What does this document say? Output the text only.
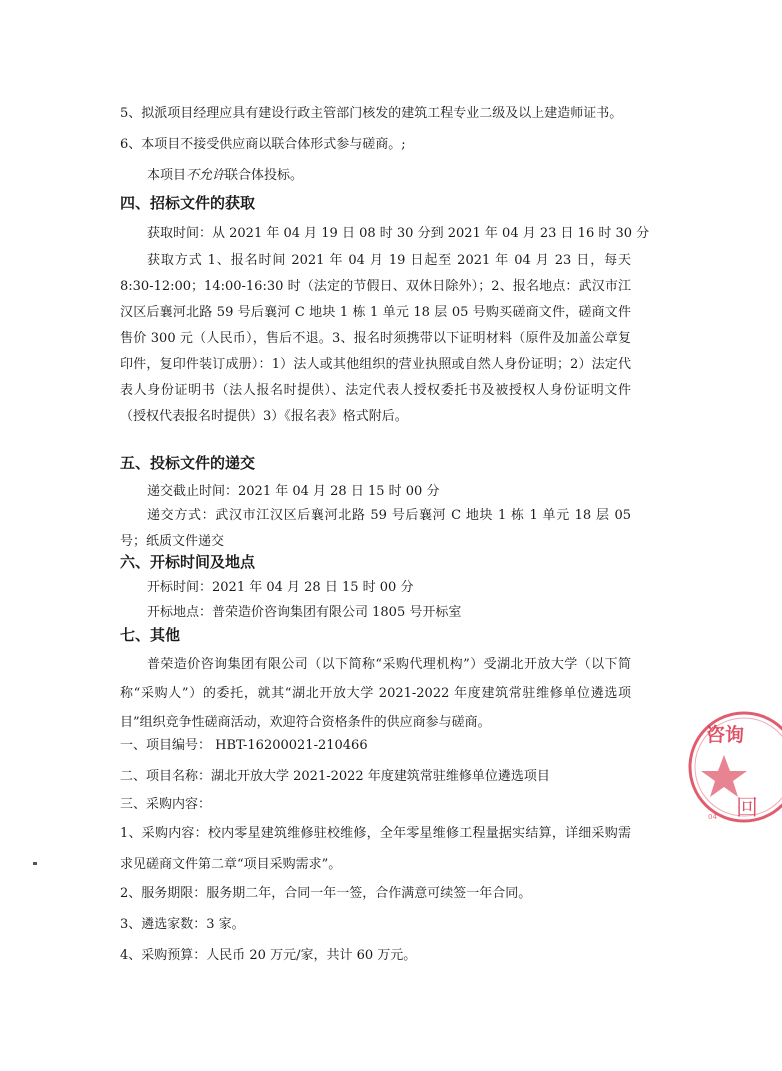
5、拟派项目经理应具有建设行政主管部门核发的建筑工程专业二级及以上建造师证书。
6、本项目不接受供应商以联合体形式参与磋商。;
本项目不允许联合体投标。
四、招标文件的获取
获取时间：从 2021 年 04 月 19 日 08 时 30 分到 2021 年 04 月 23 日 16 时 30 分
获取方式 1、报名时间 2021 年 04 月 19 日起至 2021 年 04 月 23 日，每天 8:30-12:00；14:00-16:30 时（法定的节假日、双休日除外）；2、报名地点：武汉市江汉区后襄河北路 59 号后襄河 C 地块 1 栋 1 单元 18 层 05 号购买磋商文件，磋商文件售价 300 元（人民币），售后不退。3、报名时须携带以下证明材料（原件及加盖公章复印件，复印件装订成册）：1）法人或其他组织的营业执照或自然人身份证明；2）法定代表人身份证明书（法人报名时提供）、法定代表人授权委托书及被授权人身份证明文件（授权代表报名时提供）3）《报名表》格式附后。
五、投标文件的递交
递交截止时间：2021 年 04 月 28 日 15 时 00 分
递交方式：武汉市江汉区后襄河北路 59 号后襄河 C 地块 1 栋 1 单元 18 层 05 号；纸质文件递交
六、开标时间及地点
开标时间：2021 年 04 月 28 日 15 时 00 分
开标地点：普荣造价咨询集团有限公司 1805 号开标室
七、其他
普荣造价咨询集团有限公司（以下简称“采购代理机构”）受湖北开放大学（以下简称“采购人”）的委托，就其“湖北开放大学 2021-2022 年度建筑常驻维修单位遴选项目”组织竞争性磋商活动，欢迎符合资格条件的供应商参与磋商。
一、项目编号： HBT-16200021-210466
二、项目名称：湖北开放大学 2021-2022 年度建筑常驻维修单位遴选项目
三、采购内容：
1、采购内容：校内零星建筑维修驻校维修，全年零星维修工程量据实结算，详细采购需求见磋商文件第二章“项目采购需求”。
2、服务期限：服务期二年，合同一年一签，合作满意可续签一年合同。
3、遴选家数：3 家。
4、采购预算：人民币 20 万元/家，共计 60 万元。
咨询
回
04
